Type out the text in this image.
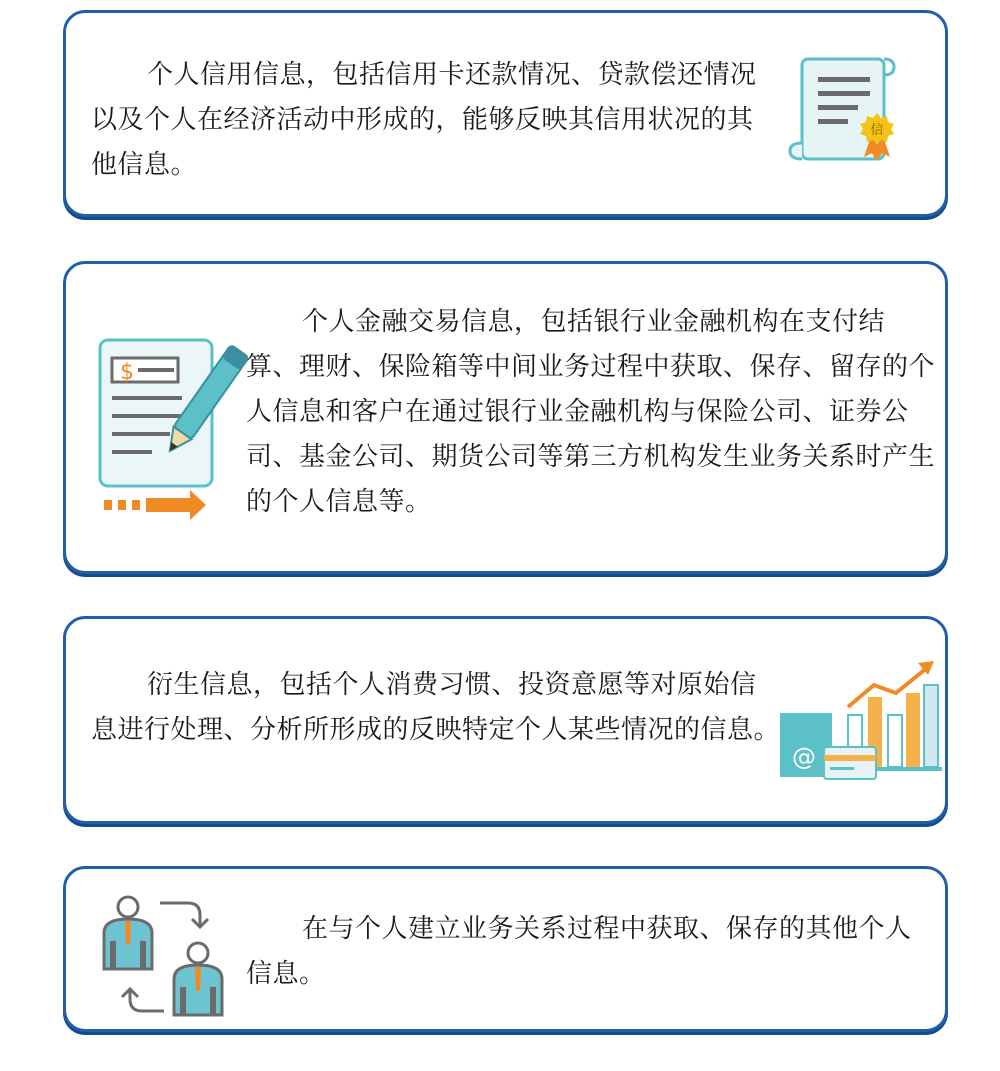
个人信用信息，包括信用卡还款情况、贷款偿还情况以及个人在经济活动中形成的，能够反映其信用状况的其他信息。

信
$

个人金融交易信息，包括银行业金融机构在支付结算、理财、保险箱等中间业务过程中获取、保存、留存的个人信息和客户在通过银行业金融机构与保险公司、证券公司、基金公司、期货公司等第三方机构发生业务关系时产生的个人信息等。

衍生信息，包括个人消费习惯、投资意愿等对原始信息进行处理、分析所形成的反映特定个人某些情况的信息。

@

在与个人建立业务关系过程中获取、保存的其他个人信息。
